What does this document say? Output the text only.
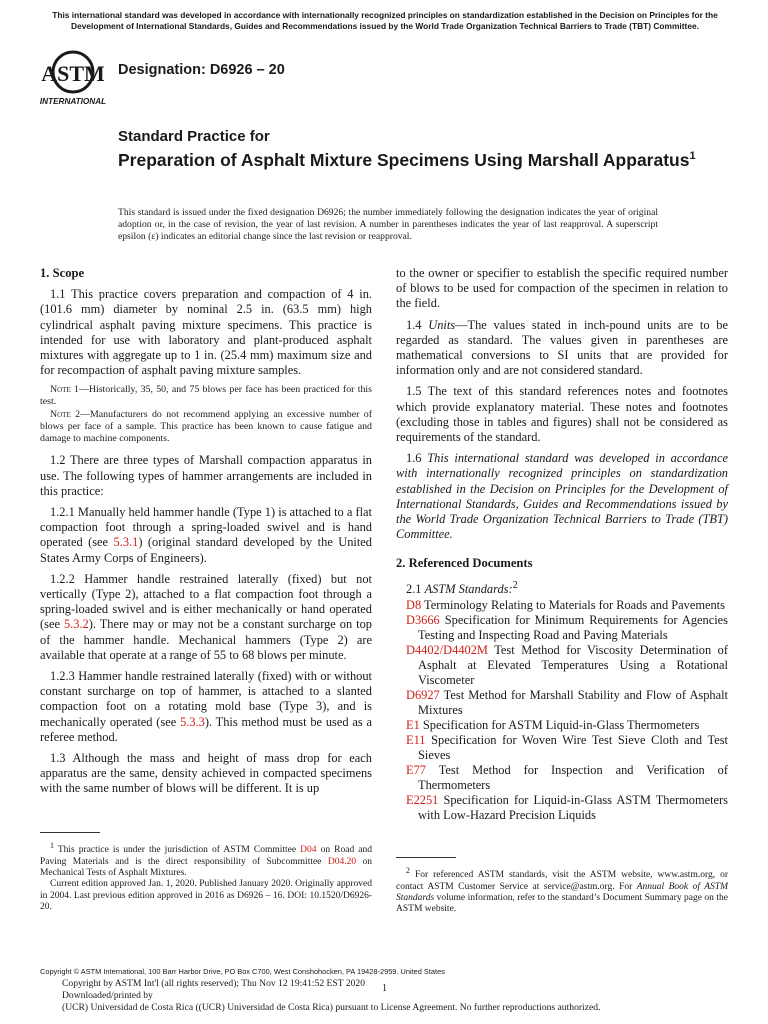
This international standard was developed in accordance with internationally recognized principles on standardization established in the Decision on Principles for the Development of International Standards, Guides and Recommendations issued by the World Trade Organization Technical Barriers to Trade (TBT) Committee.
ASTM
INTERNATIONAL
Designation: D6926 – 20
Standard Practice for
Preparation of Asphalt Mixture Specimens Using Marshall Apparatus$^1$
This standard is issued under the fixed designation D6926; the number immediately following the designation indicates the year of original adoption or, in the case of revision, the year of last revision. A number in parentheses indicates the year of last reapproval. A superscript epsilon (ε) indicates an editorial change since the last revision or reapproval.

1. Scope

1.1 This practice covers preparation and compaction of 4 in. (101.6 mm) diameter by nominal 2.5 in. (63.5 mm) high cylindrical asphalt paving mixture specimens. This practice is intended for use with laboratory and plant-produced asphalt mixtures with aggregate up to 1 in. (25.4 mm) maximum size and for recompaction of asphalt paving mixture samples.

Note 1—Historically, 35, 50, and 75 blows per face has been practiced for this test.

Note 2—Manufacturers do not recommend applying an excessive number of blows per face of a sample. This practice has been known to cause fatigue and damage to machine components.

1.2 There are three types of Marshall compaction apparatus in use. The following types of hammer arrangements are included in this practice:

1.2.1 Manually held hammer handle (Type 1) is attached to a flat compaction foot through a spring-loaded swivel and is hand operated (see 5.3.1) (original standard developed by the United States Army Corps of Engineers).

1.2.2 Hammer handle restrained laterally (fixed) but not vertically (Type 2), attached to a flat compaction foot through a spring-loaded swivel and is either mechanically or hand operated (see 5.3.2). There may or may not be a constant surcharge on top of the hammer handle. Mechanical hammers (Type 2) are available that operate at a range of 55 to 68 blows per minute.

1.2.3 Hammer handle restrained laterally (fixed) with or without constant surcharge on top of hammer, is attached to a slanted compaction foot on a rotating mold base (Type 3), and is mechanically operated (see 5.3.3). This method must be used as a referee method.

1.3 Although the mass and height of mass drop for each apparatus are the same, density achieved in compacted specimens with the same number of blows will be different. It is up

to the owner or specifier to establish the specific required number of blows to be used for compaction of the specimen in relation to the field.

1.4 Units—The values stated in inch-pound units are to be regarded as standard. The values given in parentheses are mathematical conversions to SI units that are provided for information only and are not considered standard.

1.5 The text of this standard references notes and footnotes which provide explanatory material. These notes and footnotes (excluding those in tables and figures) shall not be considered as requirements of the standard.

1.6 This international standard was developed in accordance with internationally recognized principles on standardization established in the Decision on Principles for the Development of International Standards, Guides and Recommendations issued by the World Trade Organization Technical Barriers to Trade (TBT) Committee.

2. Referenced Documents

2.1 ASTM Standards:$^2$

D8 Terminology Relating to Materials for Roads and Pavements
D3666 Specification for Minimum Requirements for Agencies Testing and Inspecting Road and Paving Materials
D4402/D4402M Test Method for Viscosity Determination of Asphalt at Elevated Temperatures Using a Rotational Viscometer
D6927 Test Method for Marshall Stability and Flow of Asphalt Mixtures
E1 Specification for ASTM Liquid-in-Glass Thermometers
E11 Specification for Woven Wire Test Sieve Cloth and Test Sieves
E77 Test Method for Inspection and Verification of Thermometers
E2251 Specification for Liquid-in-Glass ASTM Thermometers with Low-Hazard Precision Liquids

$^1$ This practice is under the jurisdiction of ASTM Committee D04 on Road and Paving Materials and is the direct responsibility of Subcommittee D04.20 on Mechanical Tests of Asphalt Mixtures.

Current edition approved Jan. 1, 2020. Published January 2020. Originally approved in 2004. Last previous edition approved in 2016 as D6926 – 16. DOI: 10.1520/D6926-20.

$^2$ For referenced ASTM standards, visit the ASTM website, www.astm.org, or contact ASTM Customer Service at service@astm.org. For Annual Book of ASTM Standards volume information, refer to the standard’s Document Summary page on the ASTM website.

Copyright © ASTM International, 100 Barr Harbor Drive, PO Box C700, West Conshohocken, PA 19428-2959. United States
Copyright by ASTM Int'l (all rights reserved); Thu Nov 12 19:41:52 EST 2020
Downloaded/printed by
(UCR) Universidad de Costa Rica ((UCR) Universidad de Costa Rica) pursuant to License Agreement. No further reproductions authorized.
1
